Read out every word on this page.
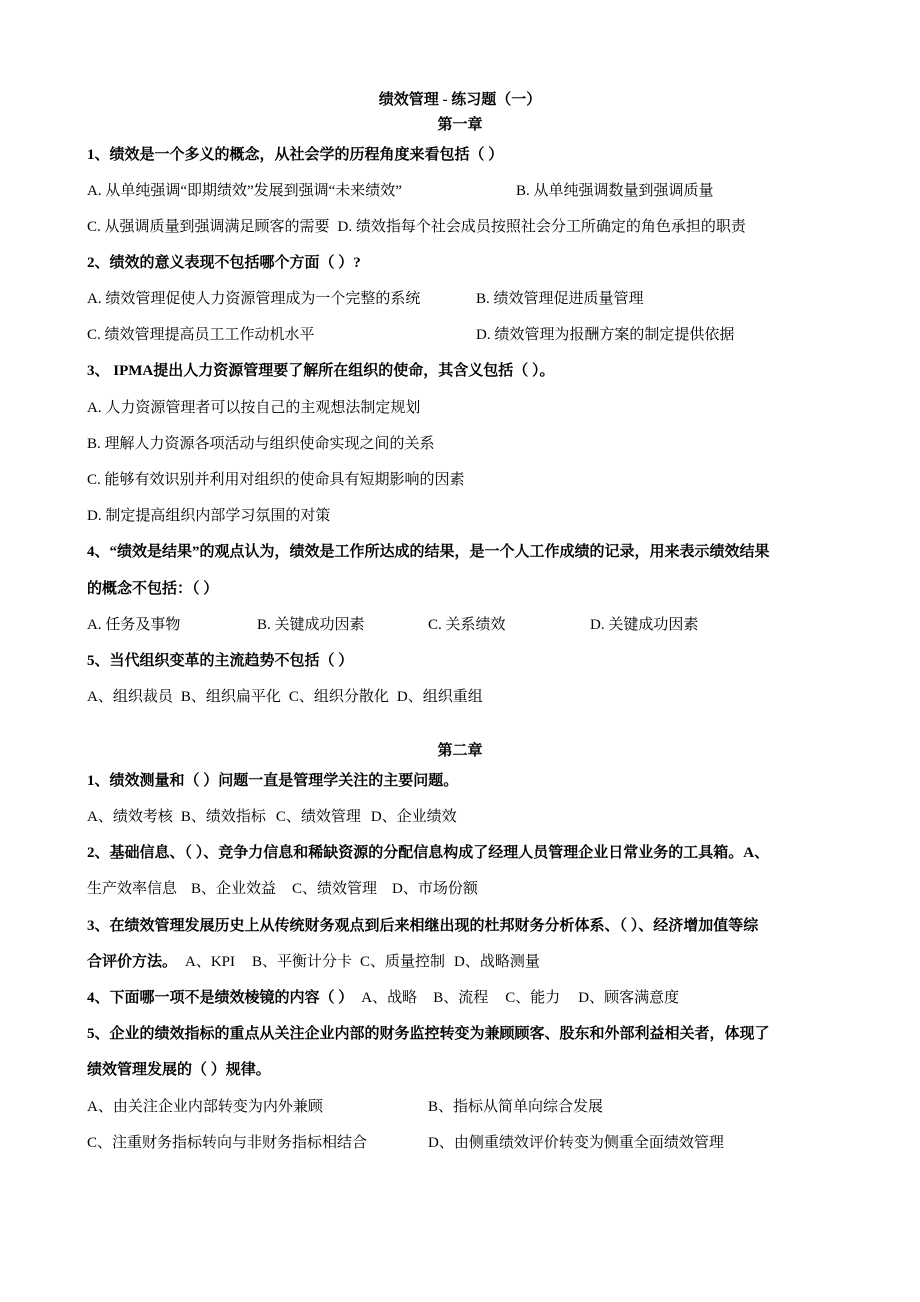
绩效管理 - 练习题（一）
第一章
1、绩效是一个多义的概念，从社会学的历程角度来看包括（ ）
A. 从单纯强调“即期绩效”发展到强调“未来绩效”	B. 从单纯强调数量到强调质量
C. 从强调质量到强调满足顾客的需要 D. 绩效指每个社会成员按照社会分工所确定的角色承担的职责
2、绩效的意义表现不包括哪个方面（ ）?
A. 绩效管理促使人力资源管理成为一个完整的系统	B. 绩效管理促进质量管理
C. 绩效管理提高员工工作动机水平	D. 绩效管理为报酬方案的制定提供依据
3、 IPMA提出人力资源管理要了解所在组织的使命，其含义包括（ ）。
A. 人力资源管理者可以按自己的主观想法制定规划
B. 理解人力资源各项活动与组织使命实现之间的关系
C. 能够有效识别并利用对组织的使命具有短期影响的因素
D. 制定提高组织内部学习氛围的对策
4、“绩效是结果”的观点认为，绩效是工作所达成的结果，是一个人工作成绩的记录，用来表示绩效结果
的概念不包括：（ ）
A. 任务及事物	B. 关键成功因素	C. 关系绩效	D. 关键成功因素
5、当代组织变革的主流趋势不包括（ ）
A、组织裁员 B、组织扁平化 C、组织分散化 D、组织重组
第二章
1、绩效测量和（ ）问题一直是管理学关注的主要问题。
A、绩效考核 B、绩效指标 C、绩效管理 D、企业绩效
2、基础信息、（ ）、竞争力信息和稀缺资源的分配信息构成了经理人员管理企业日常业务的工具箱。A、
生产效率信息 B、企业效益	C、绩效管理 D、市场份额
3、在绩效管理发展历史上从传统财务观点到后来相继出现的杜邦财务分析体系、（ ）、经济增加值等综
合评价方法。 A、KPI	B、平衡计分卡 C、质量控制 D、战略测量
4、下面哪一项不是绩效棱镜的内容（ ） A、战略	B、流程	C、能力	D、顾客满意度
5、企业的绩效指标的重点从关注企业内部的财务监控转变为兼顾顾客、股东和外部利益相关者，体现了
绩效管理发展的（ ）规律。
A、由关注企业内部转变为内外兼顾	B、指标从简单向综合发展
C、注重财务指标转向与非财务指标相结合	D、由侧重绩效评价转变为侧重全面绩效管理
